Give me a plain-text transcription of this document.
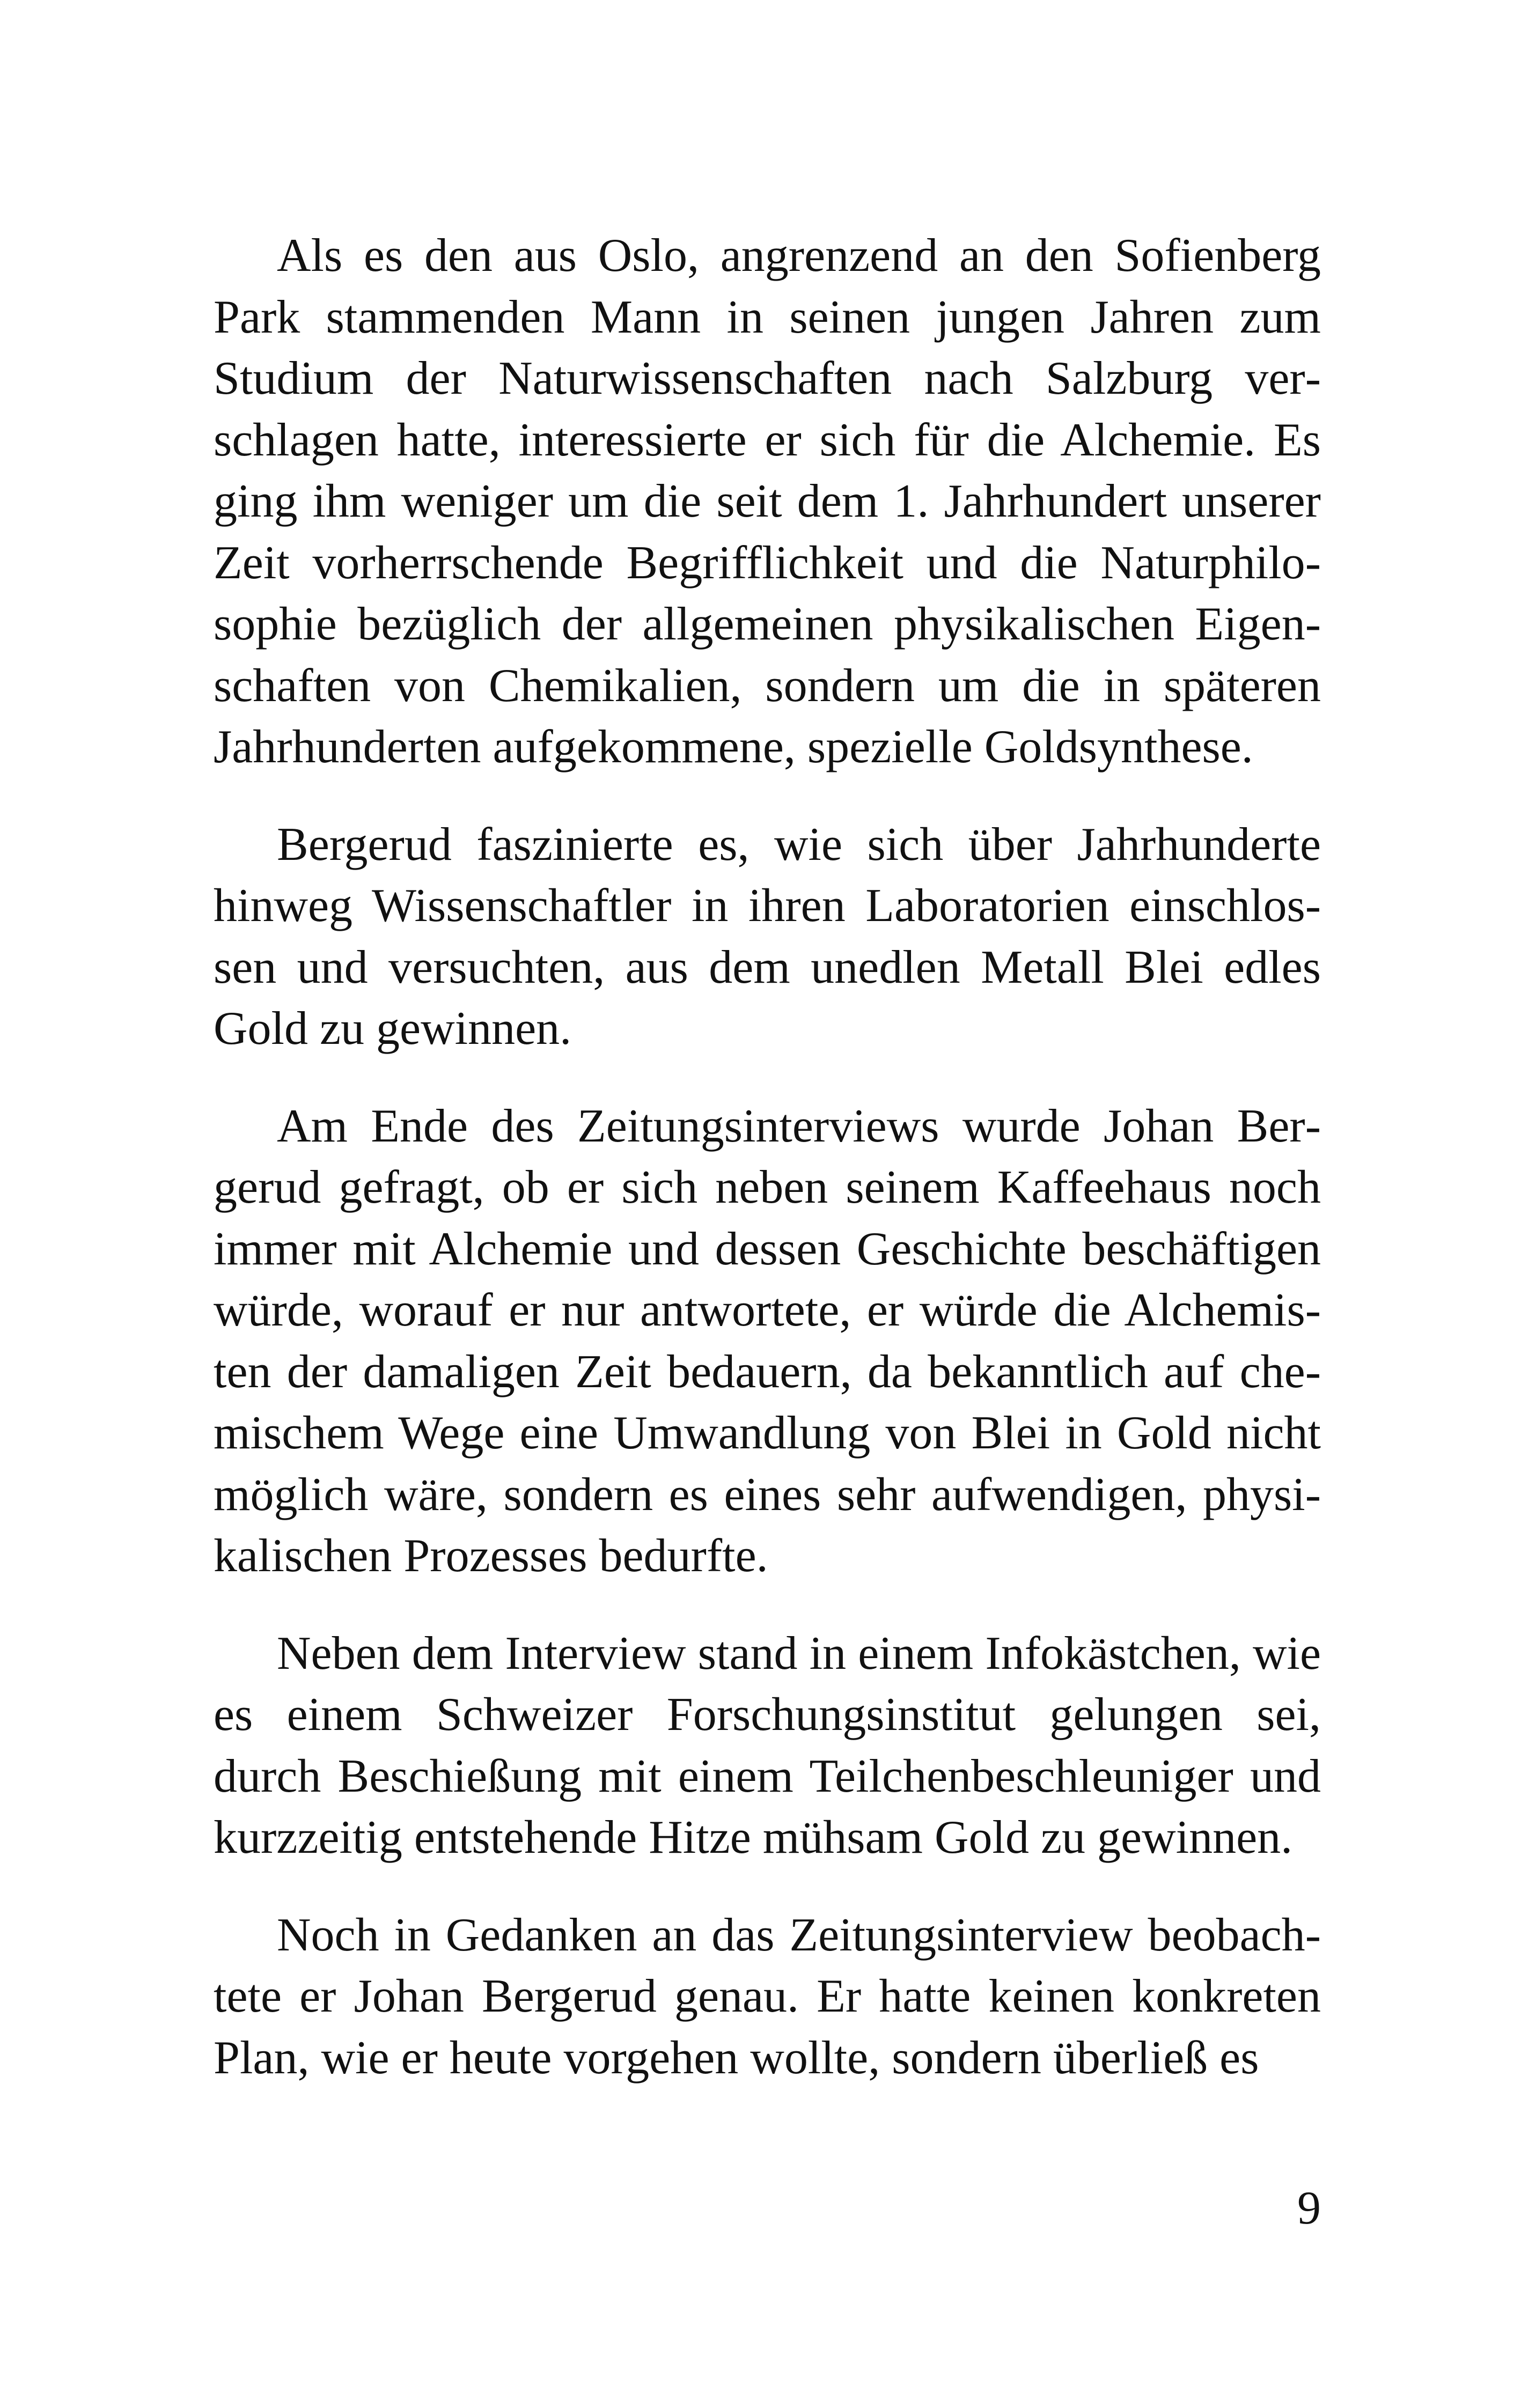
Als es den aus Oslo, angrenzend an den Sofienberg Park stammenden Mann in seinen jungen Jahren zum Studium der Naturwissenschaften nach Salzburg verschlagen hatte, interessierte er sich für die Alchemie. Es ging ihm weniger um die seit dem 1. Jahrhundert unserer Zeit vorherrschende Begrifflichkeit und die Naturphilosophie bezüglich der allgemeinen physikalischen Eigenschaften von Chemikalien, sondern um die in späteren Jahrhunderten aufgekommene, spezielle Goldsynthese.

Bergerud faszinierte es, wie sich über Jahrhunderte hinweg Wissenschaftler in ihren Laboratorien einschlossen und versuchten, aus dem unedlen Metall Blei edles Gold zu gewinnen.

Am Ende des Zeitungsinterviews wurde Johan Bergerud gefragt, ob er sich neben seinem Kaffeehaus noch immer mit Alchemie und dessen Geschichte beschäftigen würde, worauf er nur antwortete, er würde die Alchemisten der damaligen Zeit bedauern, da bekanntlich auf chemischem Wege eine Umwandlung von Blei in Gold nicht möglich wäre, sondern es eines sehr aufwendigen, physikalischen Prozesses bedurfte.

Neben dem Interview stand in einem Infokästchen, wie es einem Schweizer Forschungsinstitut gelungen sei, durch Beschießung mit einem Teilchenbeschleuniger und kurzzeitig entstehende Hitze mühsam Gold zu gewinnen.

Noch in Gedanken an das Zeitungsinterview beobachtete er Johan Bergerud genau. Er hatte keinen konkreten Plan, wie er heute vorgehen wollte, sondern überließ es

9
